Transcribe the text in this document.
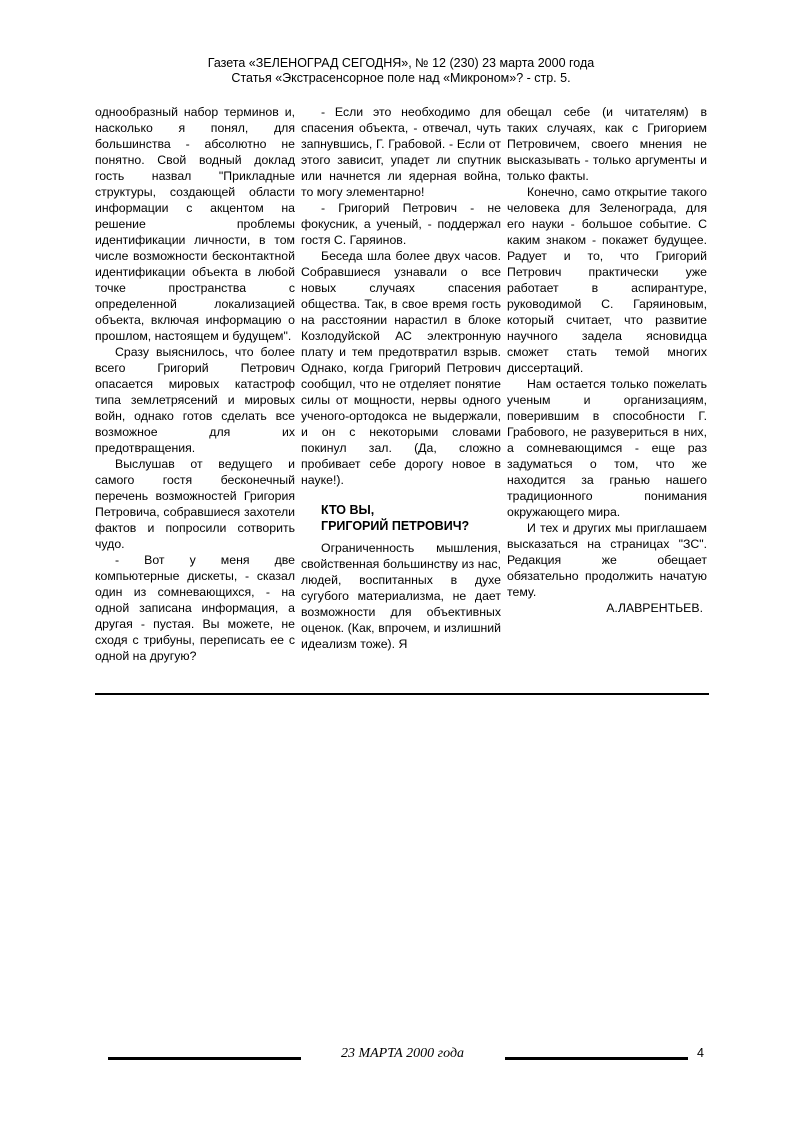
Газета «ЗЕЛЕНОГРАД СЕГОДНЯ», № 12 (230) 23 марта 2000 года
Статья «Экстрасенсорное поле над «Микроном»? - стр. 5.

однообразный набор терминов и, насколько я понял, для большинства - абсолютно не понятно. Свой водный доклад гость назвал "Прикладные структуры, создающей области информации с акцентом на решение проблемы идентификации личности, в том числе возможности бесконтактной идентификации объекта в любой точке пространства с определенной локализацией объекта, включая информацию о прошлом, настоящем и будущем".

Сразу выяснилось, что более всего Григорий Петрович опасается мировых катастроф типа землетрясений и мировых войн, однако готов сделать все возможное для их предотвращения.

Выслушав от ведущего и самого гостя бесконечный перечень возможностей Григория Петровича, собравшиеся захотели фактов и попросили сотворить чудо.

- Вот у меня две компьютерные дискеты, - сказал один из сомневающихся, - на одной записана информация, а другая - пустая. Вы можете, не сходя с трибуны, переписать ее с одной на другую?

- Если это необходимо для спасения объекта, - отвечал, чуть запнувшись, Г. Грабовой. - Если от этого зависит, упадет ли спутник или начнется ли ядерная война, то могу элементарно!

- Григорий Петрович - не фокусник, а ученый, - поддержал гостя С. Гаряинов.

Беседа шла более двух часов. Собравшиеся узнавали о все новых случаях спасения общества. Так, в свое время гость на расстоянии нарастил в блоке Козлодуйской АС электронную плату и тем предотвратил взрыв. Однако, когда Григорий Петрович сообщил, что не отделяет понятие силы от мощности, нервы одного ученого-ортодокса не выдержали, и он с некоторыми словами покинул зал. (Да, сложно пробивает себе дорогу новое в науке!).

КТО ВЫ,
ГРИГОРИЙ ПЕТРОВИЧ?

Ограниченность мышления, свойственная большинству из нас, людей, воспитанных в духе сугубого материализма, не дает возможности для объективных оценок. (Как, впрочем, и излишний идеализм тоже). Я

обещал себе (и читателям) в таких случаях, как с Григорием Петровичем, своего мнения не высказывать - только аргументы и только факты.

Конечно, само открытие такого человека для Зеленограда, для его науки - большое событие. С каким знаком - покажет будущее. Радует и то, что Григорий Петрович практически уже работает в аспирантуре, руководимой С. Гаряиновым, который считает, что развитие научного задела ясновидца сможет стать темой многих диссертаций.

Нам остается только пожелать ученым и организациям, поверившим в способности Г. Грабового, не разувериться в них, а сомневающимся - еще раз задуматься о том, что же находится за гранью нашего традиционного понимания окружающего мира.

И тех и других мы приглашаем высказаться на страницах "ЗС". Редакция же обещает обязательно продолжить начатую тему.

А.ЛАВРЕНТЬЕВ.

23 МАРТА 2000 года	4
